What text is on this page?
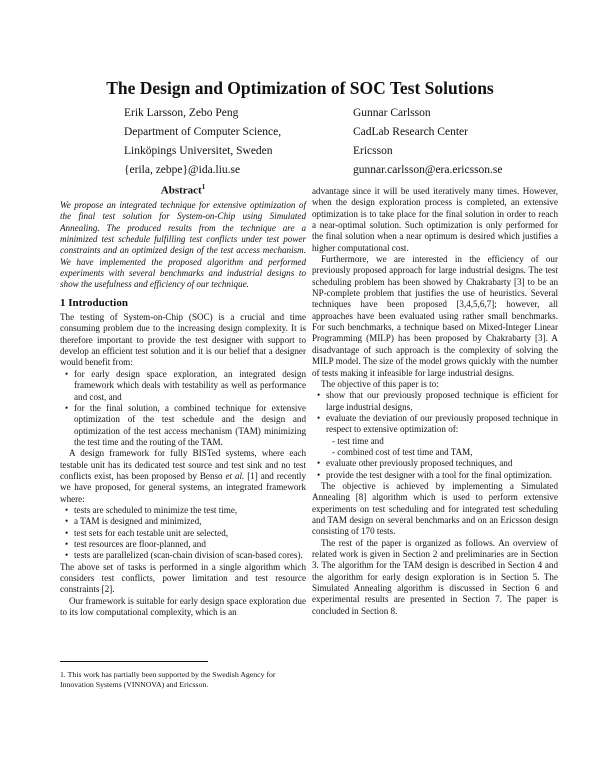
The Design and Optimization of SOC Test Solutions
Erik Larsson, Zebo Peng
Department of Computer Science,
Linköpings Universitet, Sweden
{erila, zebpe}@ida.liu.se
Gunnar Carlsson
CadLab Research Center
Ericsson
gunnar.carlsson@era.ericsson.se
Abstract$^1$

We propose an integrated technique for extensive optimization of the final test solution for System-on-Chip using Simulated Annealing. The produced results from the technique are a minimized test schedule fulfilling test conflicts under test power constraints and an optimized design of the test access mechanism. We have implemented the proposed algorithm and performed experiments with several benchmarks and industrial designs to show the usefulness and efficiency of our technique.

1 Introduction

The testing of System-on-Chip (SOC) is a crucial and time consuming problem due to the increasing design complexity. It is therefore important to provide the test designer with support to develop an efficient test solution and it is our belief that a designer would benefit from:

• for early design space exploration, an integrated design framework which deals with testability as well as performance and cost, and
• for the final solution, a combined technique for extensive optimization of the test schedule and the design and optimization of the test access mechanism (TAM) minimizing the test time and the routing of the TAM.

A design framework for fully BISTed systems, where each testable unit has its dedicated test source and test sink and no test conflicts exist, has been proposed by Benso et al. [1] and recently we have proposed, for general systems, an integrated framework where:

• tests are scheduled to minimize the test time,
• a TAM is designed and minimized,
• test sets for each testable unit are selected,
• test resources are floor-planned, and
• tests are parallelized (scan-chain division of scan-based cores).

The above set of tasks is performed in a single algorithm which considers test conflicts, power limitation and test resource constraints [2].

Our framework is suitable for early design space exploration due to its low computational complexity, which is an

advantage since it will be used iteratively many times. However, when the design exploration process is completed, an extensive optimization is to take place for the final solution in order to reach a near-optimal solution. Such optimization is only performed for the final solution when a near optimum is desired which justifies a higher computational cost.

Furthermore, we are interested in the efficiency of our previously proposed approach for large industrial designs. The test scheduling problem has been showed by Chakrabarty [3] to be an NP-complete problem that justifies the use of heuristics. Several techniques have been proposed [3,4,5,6,7]; however, all approaches have been evaluated using rather small benchmarks. For such benchmarks, a technique based on Mixed-Integer Linear Programming (MILP) has been proposed by Chakrabarty [3]. A disadvantage of such approach is the complexity of solving the MILP model. The size of the model grows quickly with the number of tests making it infeasible for large industrial designs.

The objective of this paper is to:

• show that our previously proposed technique is efficient for large industrial designs,
• evaluate the deviation of our previously proposed technique in respect to extensive optimization of:
- test time and
- combined cost of test time and TAM,
• evaluate other previously proposed techniques, and
• provide the test designer with a tool for the final optimization.

The objective is achieved by implementing a Simulated Annealing [8] algorithm which is used to perform extensive experiments on test scheduling and for integrated test scheduling and TAM design on several benchmarks and on an Ericsson design consisting of 170 tests.

The rest of the paper is organized as follows. An overview of related work is given in Section 2 and preliminaries are in Section 3. The algorithm for the TAM design is described in Section 4 and the algorithm for early design exploration is in Section 5. The Simulated Annealing algorithm is discussed in Section 6 and experimental results are presented in Section 7. The paper is concluded in Section 8.

1. This work has partially been supported by the Swedish Agency for Innovation Systems (VINNOVA) and Ericsson.
